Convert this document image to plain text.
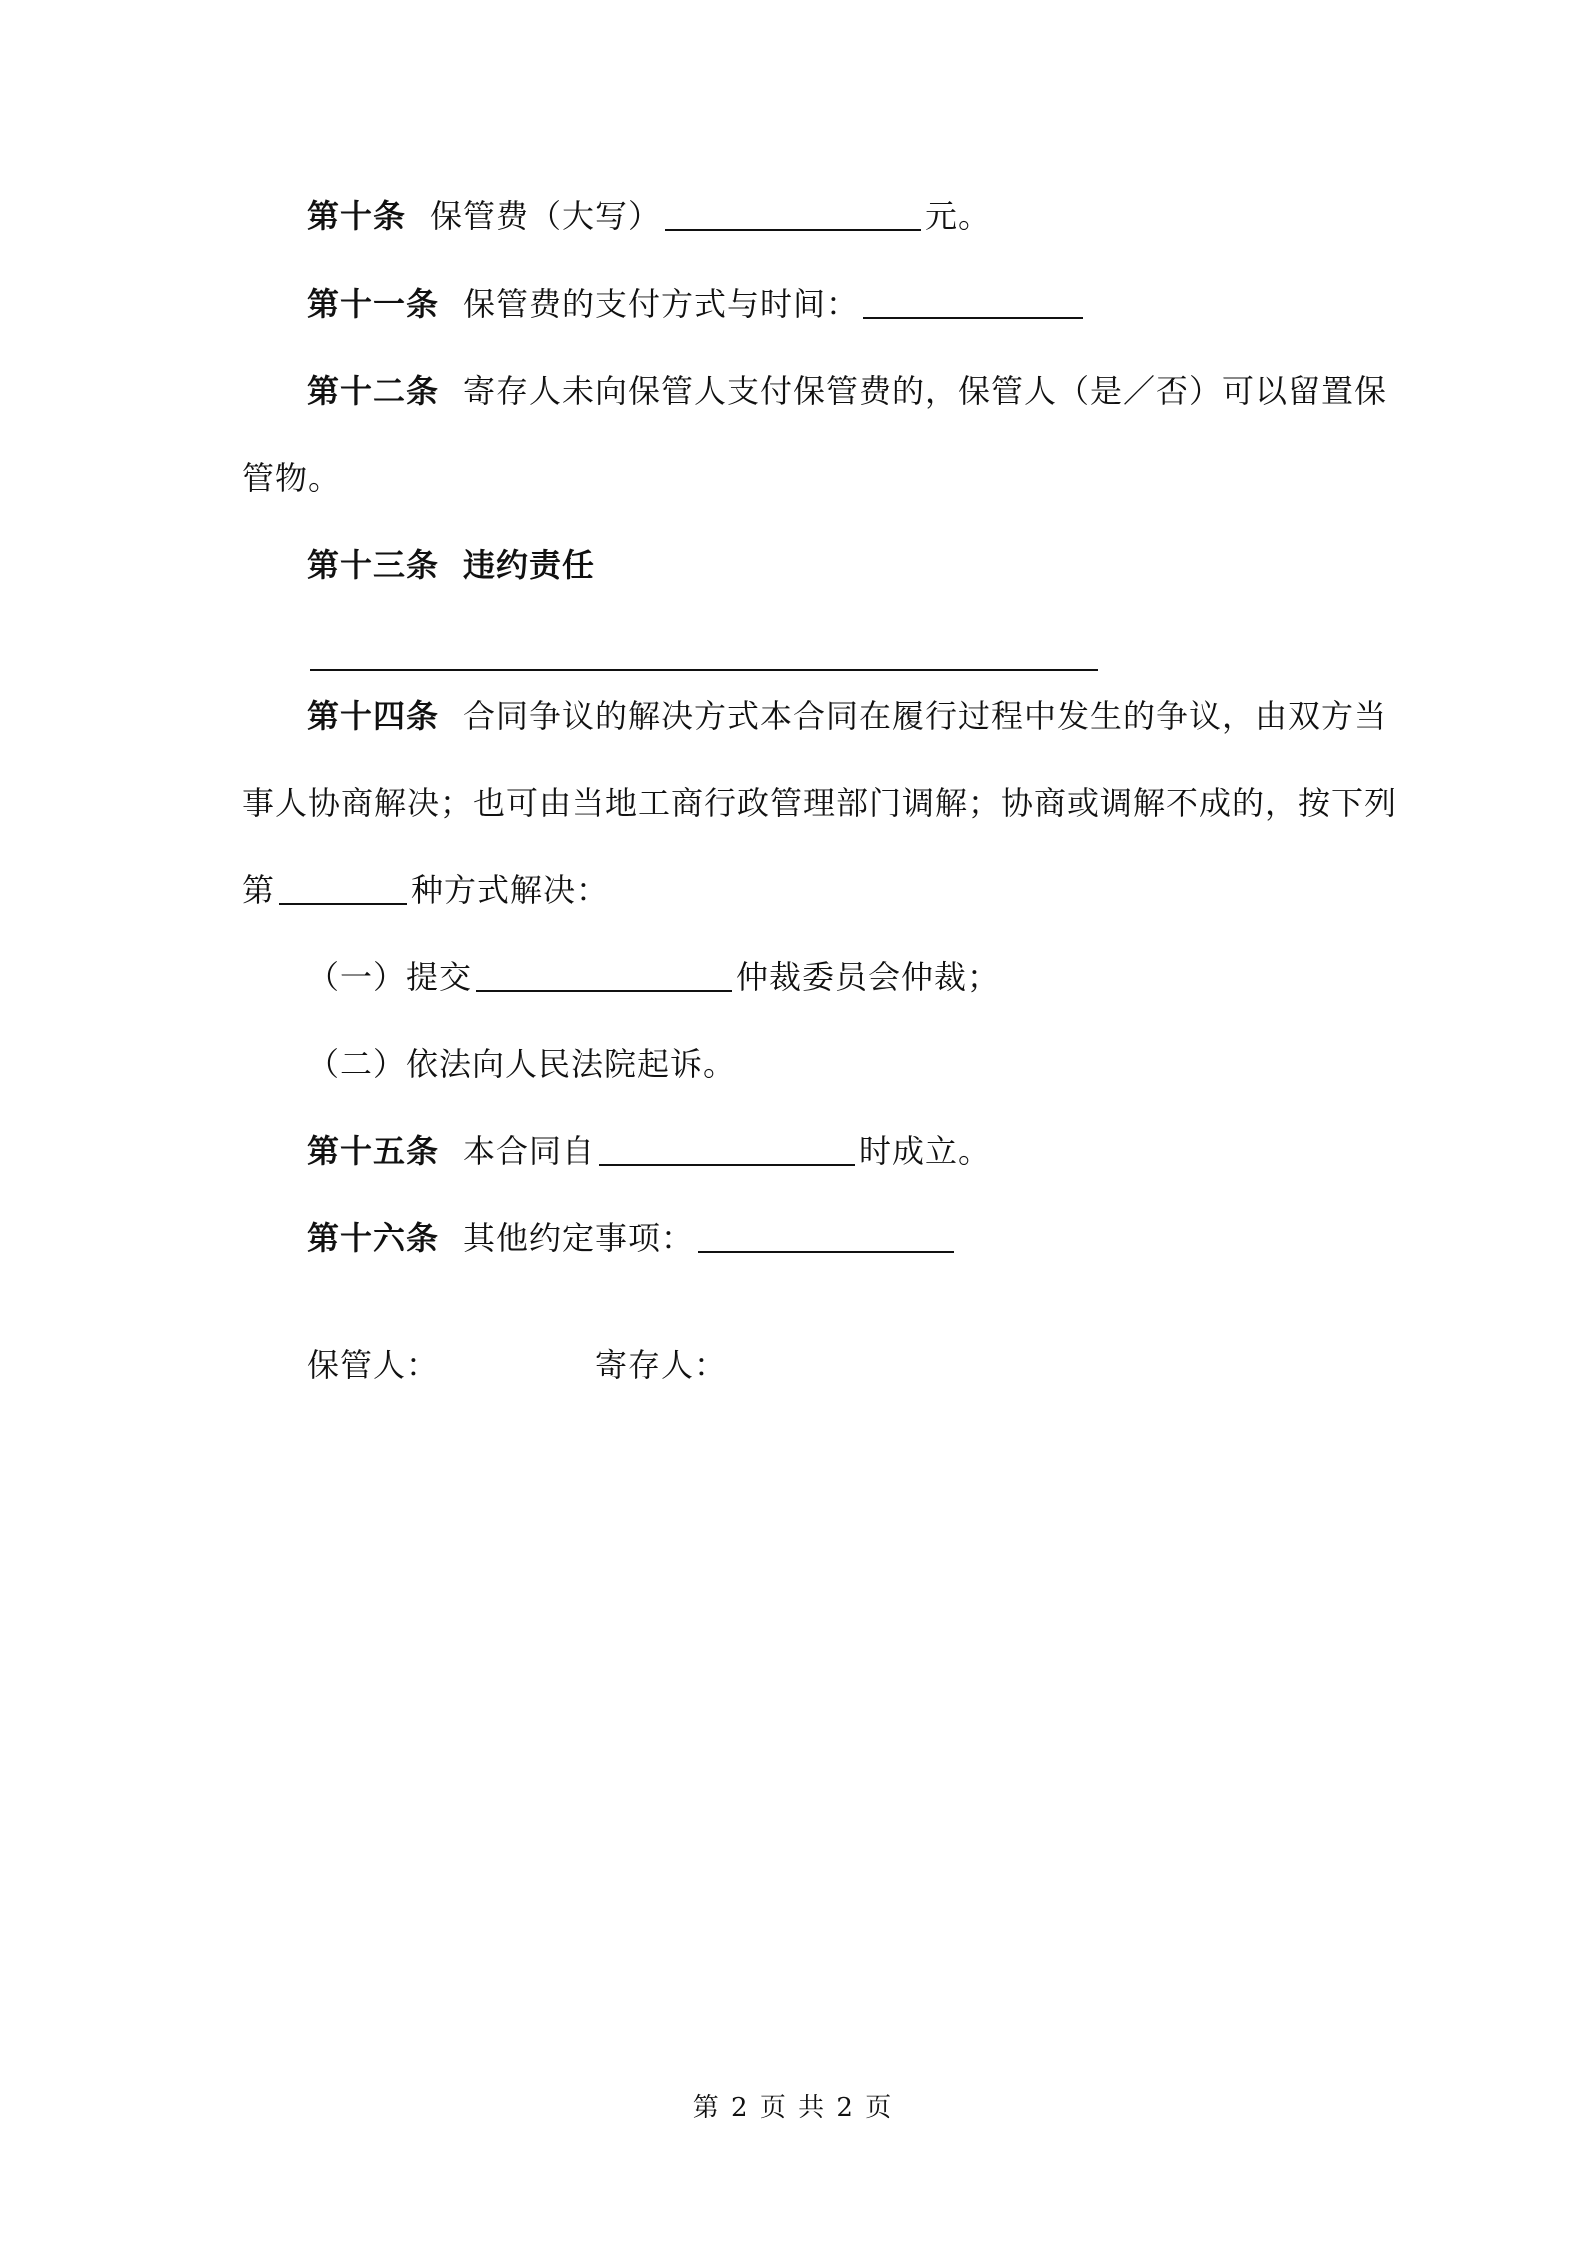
第十条 保管费（大写）	元。
第十一条 保管费的支付方式与时间：
第十二条 寄存人未向保管人支付保管费的，保管人（是／否）可以留置保
管物。
第十三条 违约责任
第十四条 合同争议的解决方式本合同在履行过程中发生的争议，由双方当
事人协商解决；也可由当地工商行政管理部门调解；协商或调解不成的，按下列
第	种方式解决：
（一）提交	仲裁委员会仲裁；
（二）依法向人民法院起诉。
第十五条 本合同自	时成立。
第十六条 其他约定事项：
保管人：	寄存人：
第 2 页 共 2 页
